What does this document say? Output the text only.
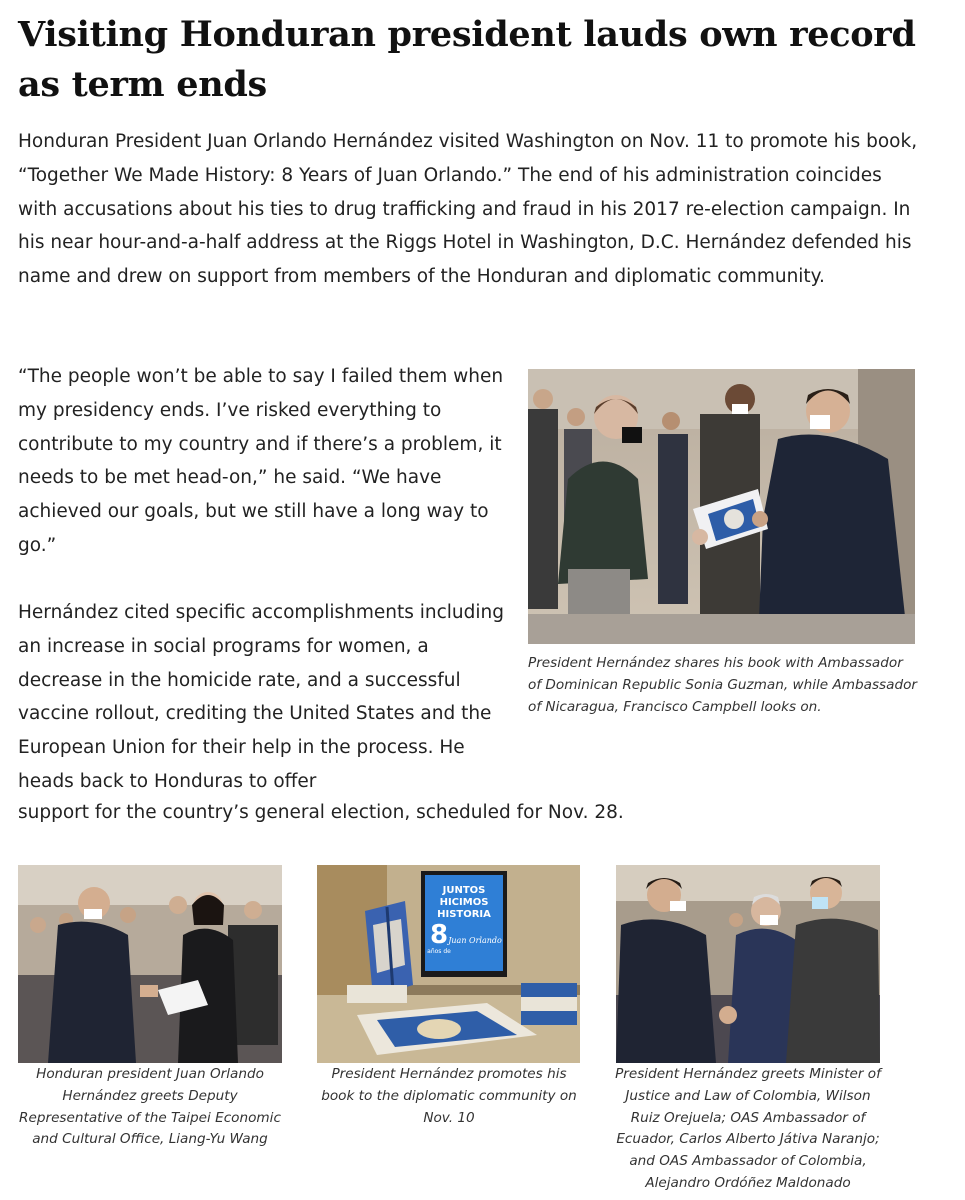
Visiting Honduran president lauds own record as term ends

Honduran President Juan Orlando Hernández visited Washington on Nov. 11 to promote his book, “Together We Made History: 8 Years of Juan Orlando.” The end of his administration coincides with accusations about his ties to drug trafficking and fraud in his 2017 re-election campaign. In his near hour-and-a-half address at the Riggs Hotel in Washington, D.C. Hernández defended his name and drew on support from members of the Honduran and diplomatic community.

“The people won’t be able to say I failed them when my presidency ends. I’ve risked everything to contribute to my country and if there’s a problem, it needs to be met head-on,” he said. “We have achieved our goals, but we still have a long way to go.”

Hernández cited specific accomplishments including an increase in social programs for women, a decrease in the homicide rate, and a successful vaccine rollout, crediting the United States and the European Union for their help in the process. He heads back to Honduras to offer

support for the country’s general election, scheduled for Nov. 28.

President Hernández shares his book with Ambassador of Dominican Republic Sonia Guzman, while Ambassador of Nicaragua, Francisco Campbell looks on.

Honduran president Juan Orlando Hernández greets Deputy Representative of the Taipei Economic and Cultural Office, Liang-Yu Wang

JUNTOS
HICIMOS
HISTORIA
8
años de
Juan Orlando

President Hernández promotes his book to the diplomatic community on Nov. 10

President Hernández greets Minister of Justice and Law of Colombia, Wilson Ruiz Orejuela; OAS Ambassador of Ecuador, Carlos Alberto Játiva Naranjo; and OAS Ambassador of Colombia, Alejandro Ordóñez Maldonado
